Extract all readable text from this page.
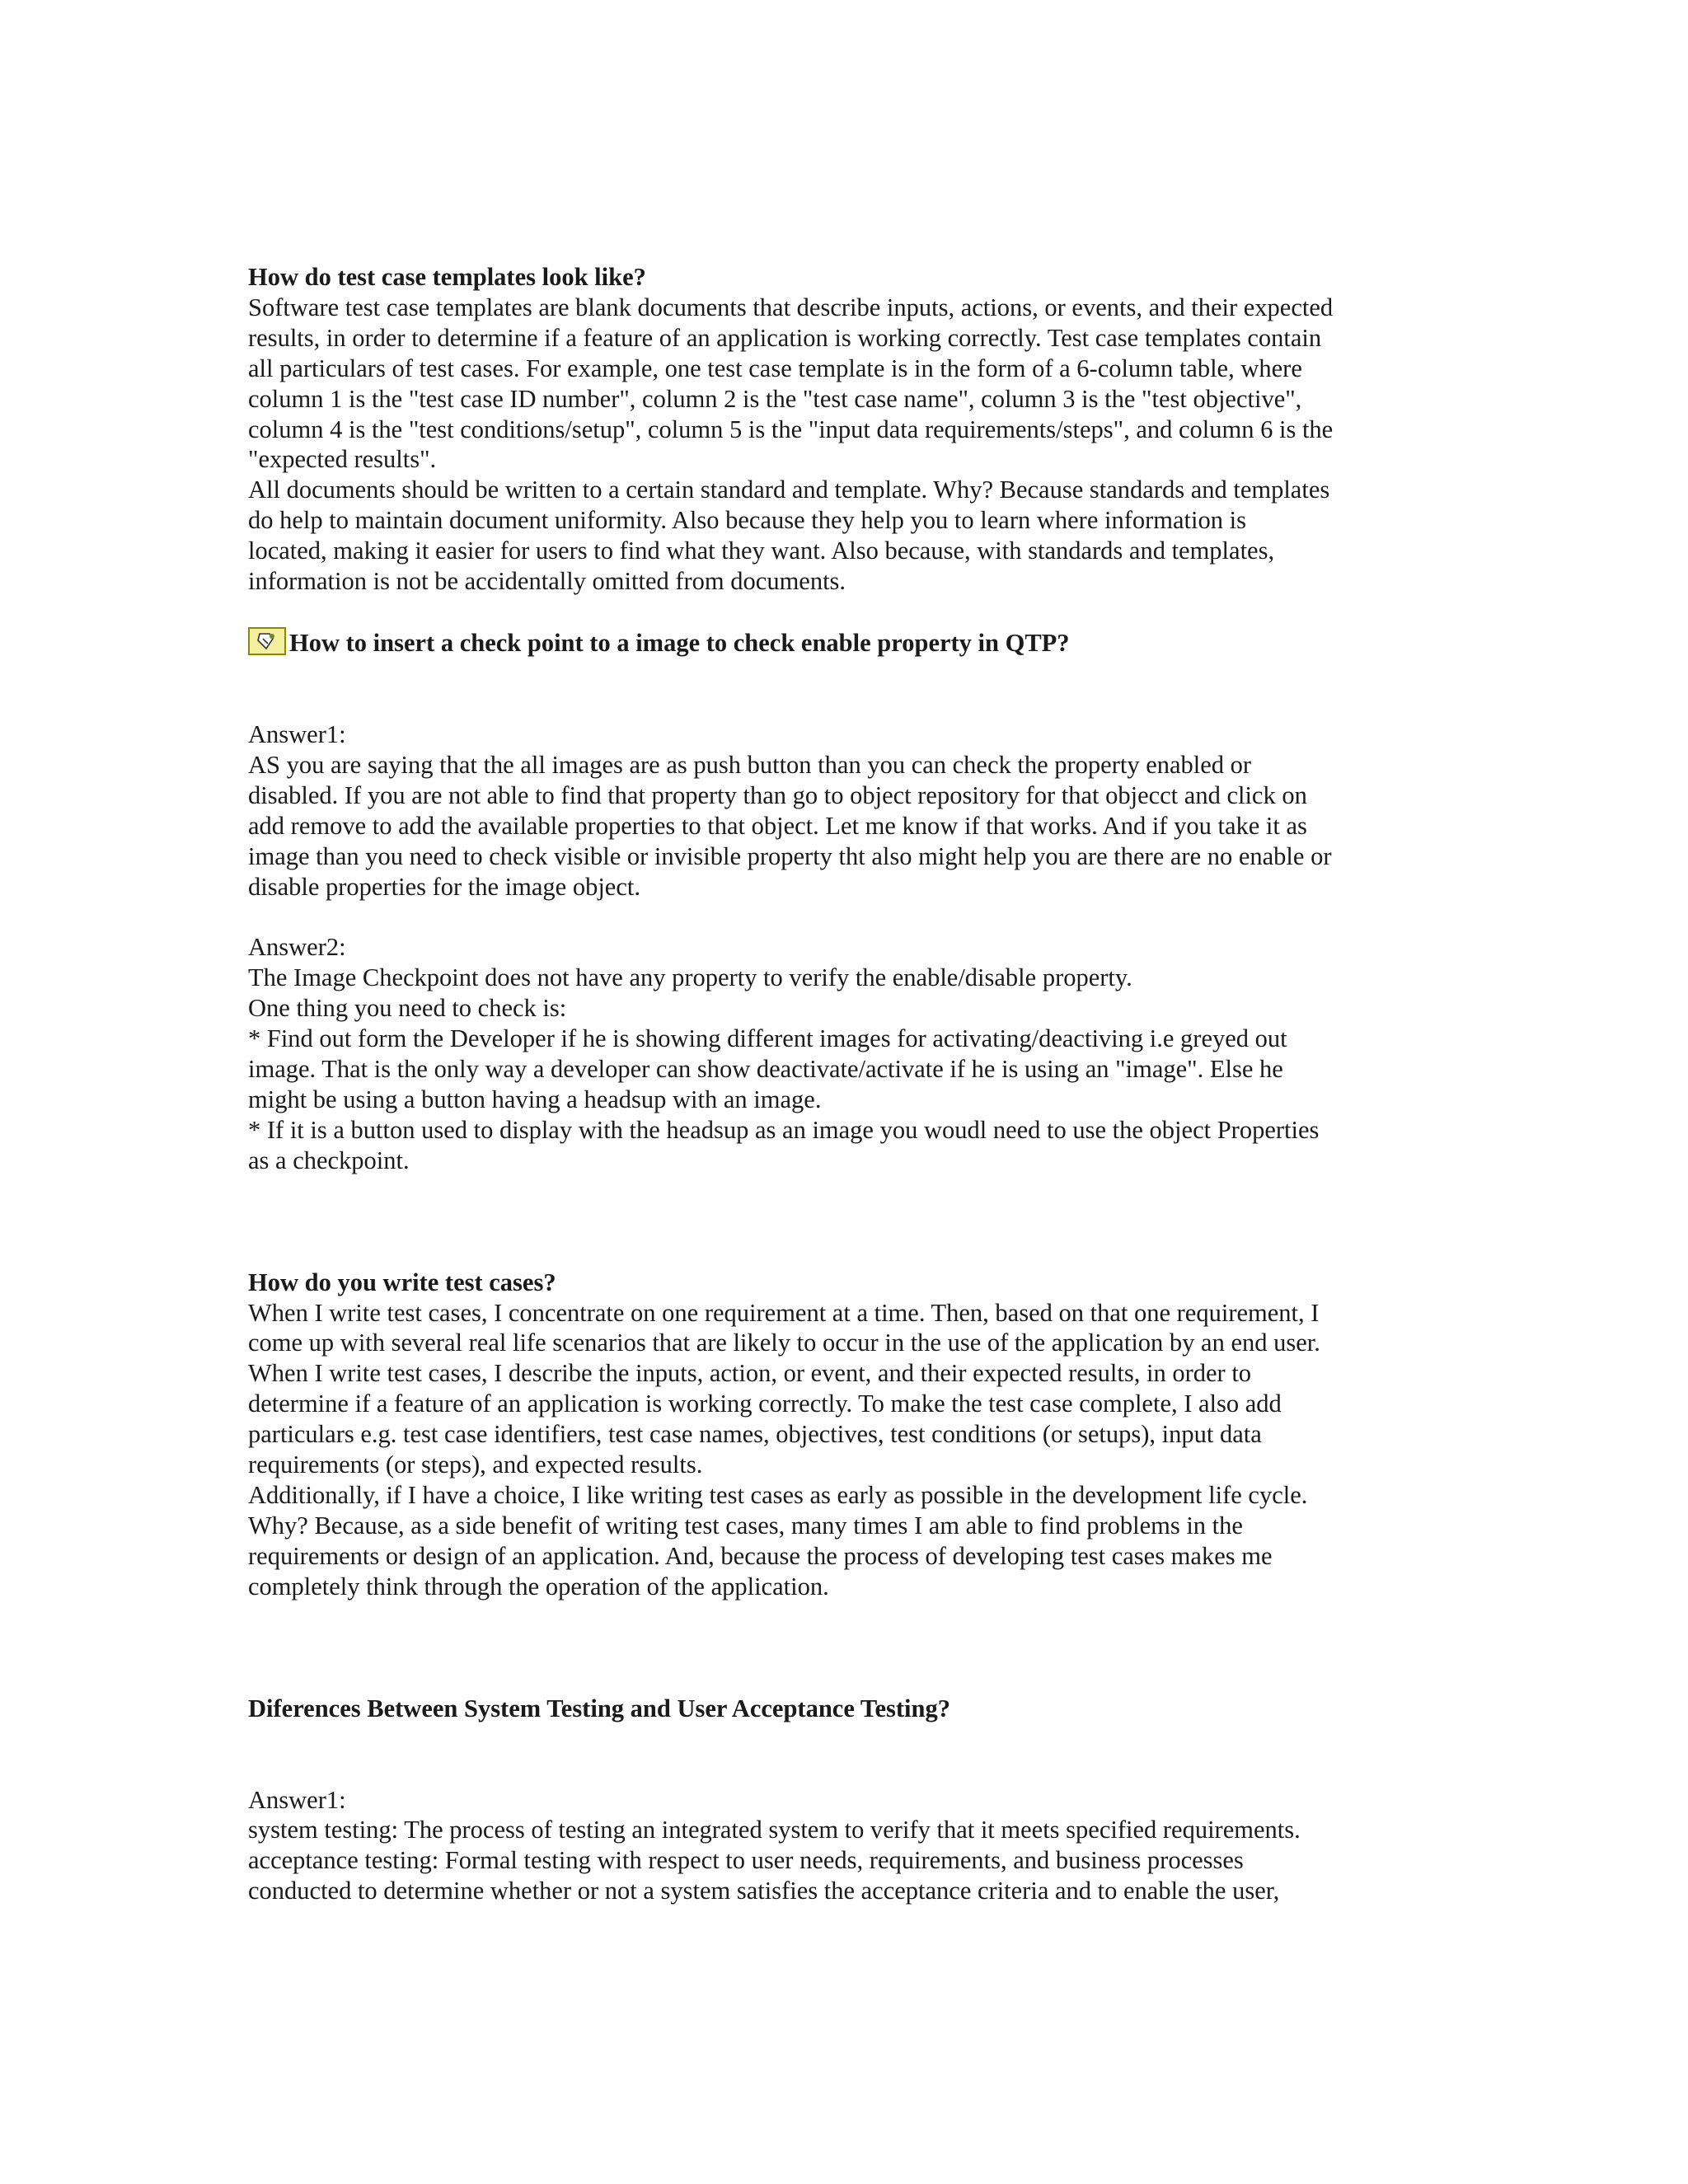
How do test case templates look like?

Software test case templates are blank documents that describe inputs, actions, or events, and their expected

results, in order to determine if a feature of an application is working correctly. Test case templates contain

all particulars of test cases. For example, one test case template is in the form of a 6-column table, where

column 1 is the "test case ID number", column 2 is the "test case name", column 3 is the "test objective",

column 4 is the "test conditions/setup", column 5 is the "input data requirements/steps", and column 6 is the

"expected results".

All documents should be written to a certain standard and template. Why? Because standards and templates

do help to maintain document uniformity. Also because they help you to learn where information is

located, making it easier for users to find what they want. Also because, with standards and templates,

information is not be accidentally omitted from documents.

How to insert a check point to a image to check enable property in QTP?

Answer1:

AS you are saying that the all images are as push button than you can check the property enabled or

disabled. If you are not able to find that property than go to object repository for that objecct and click on

add remove to add the available properties to that object. Let me know if that works. And if you take it as

image than you need to check visible or invisible property tht also might help you are there are no enable or

disable properties for the image object.

Answer2:

The Image Checkpoint does not have any property to verify the enable/disable property.

One thing you need to check is:

* Find out form the Developer if he is showing different images for activating/deactiving i.e greyed out

image. That is the only way a developer can show deactivate/activate if he is using an "image". Else he

might be using a button having a headsup with an image.

* If it is a button used to display with the headsup as an image you woudl need to use the object Properties

as a checkpoint.

How do you write test cases?

When I write test cases, I concentrate on one requirement at a time. Then, based on that one requirement, I

come up with several real life scenarios that are likely to occur in the use of the application by an end user.

When I write test cases, I describe the inputs, action, or event, and their expected results, in order to

determine if a feature of an application is working correctly. To make the test case complete, I also add

particulars e.g. test case identifiers, test case names, objectives, test conditions (or setups), input data

requirements (or steps), and expected results.

Additionally, if I have a choice, I like writing test cases as early as possible in the development life cycle.

Why? Because, as a side benefit of writing test cases, many times I am able to find problems in the

requirements or design of an application. And, because the process of developing test cases makes me

completely think through the operation of the application.

Diferences Between System Testing and User Acceptance Testing?

Answer1:

system testing: The process of testing an integrated system to verify that it meets specified requirements.

acceptance testing: Formal testing with respect to user needs, requirements, and business processes

conducted to determine whether or not a system satisfies the acceptance criteria and to enable the user,
